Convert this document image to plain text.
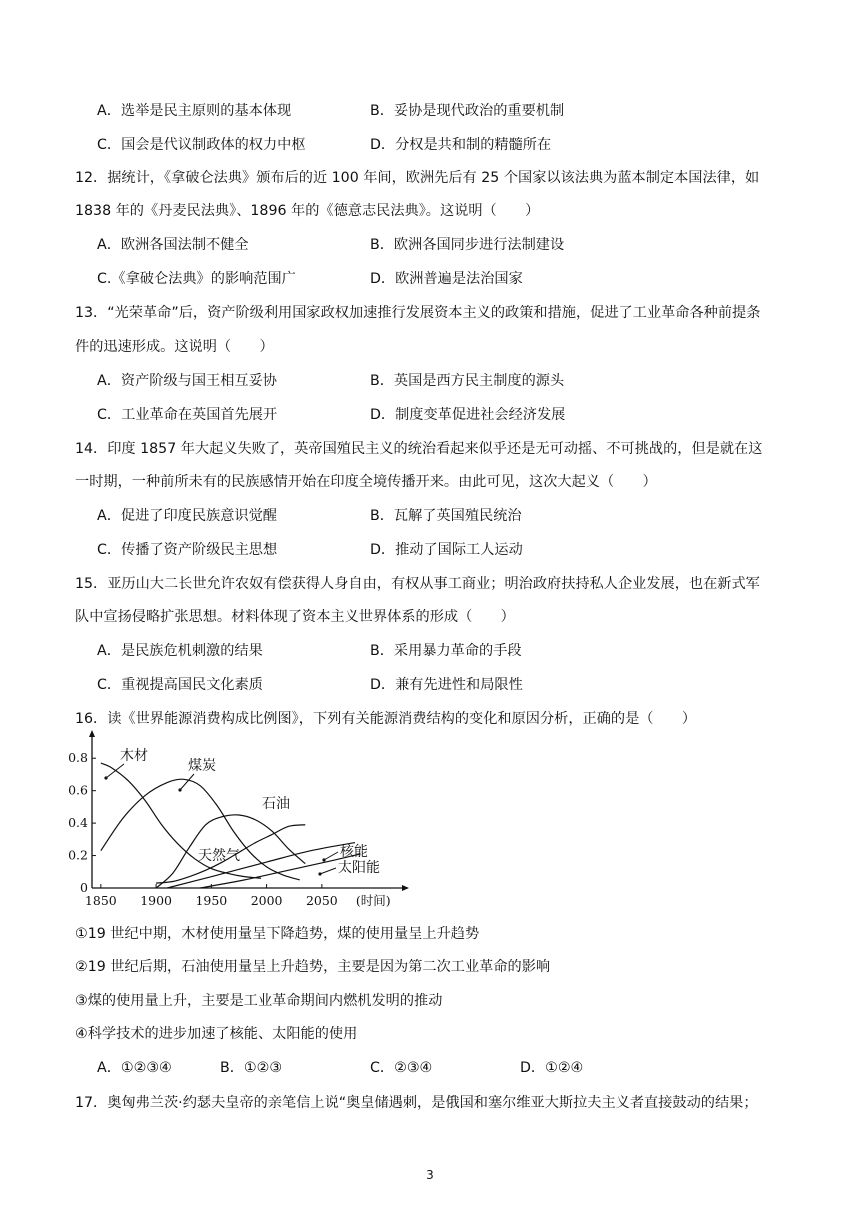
A．选举是民主原则的基本体现	B．妥协是现代政治的重要机制
C．国会是代议制政体的权力中枢	D．分权是共和制的精髓所在
12．据统计，《拿破仑法典》颁布后的近 100 年间，欧洲先后有 25 个国家以该法典为蓝本制定本国法律，如
1838 年的《丹麦民法典》、1896 年的《德意志民法典》。这说明（　　）
A．欧洲各国法制不健全	B．欧洲各国同步进行法制建设
C.《拿破仑法典》的影响范围广	D．欧洲普遍是法治国家
13．“光荣革命”后，资产阶级利用国家政权加速推行发展资本主义的政策和措施，促进了工业革命各种前提条
件的迅速形成。这说明（　　）
A．资产阶级与国王相互妥协	B．英国是西方民主制度的源头
C．工业革命在英国首先展开	D．制度变革促进社会经济发展
14．印度 1857 年大起义失败了，英帝国殖民主义的统治看起来似乎还是无可动摇、不可挑战的，但是就在这
一时期，一种前所未有的民族感情开始在印度全境传播开来。由此可见，这次大起义（　　）
A．促进了印度民族意识觉醒	B．瓦解了英国殖民统治
C．传播了资产阶级民主思想	D．推动了国际工人运动
15．亚历山大二长世允许农奴有偿获得人身自由，有权从事工商业；明治政府扶持私人企业发展，也在新式军
队中宣扬侵略扩张思想。材料体现了资本主义世界体系的形成（　　）
A．是民族危机刺激的结果	B．采用暴力革命的手段
C．重视提高国民文化素质	D．兼有先进性和局限性
16．读《世界能源消费构成比例图》，下列有关能源消费结构的变化和原因分析，正确的是（　　）
0
0.2
0.4
0.6
0.8
1850 1900 1950 2000 2050 (时间)
木材
煤炭
石油
天然气	核能
太阳能
①19 世纪中期，木材使用量呈下降趋势，煤的使用量呈上升趋势
②19 世纪后期，石油使用量呈上升趋势，主要是因为第二次工业革命的影响
③煤的使用量上升，主要是工业革命期间内燃机发明的推动
④科学技术的进步加速了核能、太阳能的使用
A．①②③④	B．①②③	C．②③④	D．①②④
17．奥匈弗兰茨·约瑟夫皇帝的亲笔信上说“奥皇储遇刺，是俄国和塞尔维亚大斯拉夫主义者直接鼓动的结果；
3
